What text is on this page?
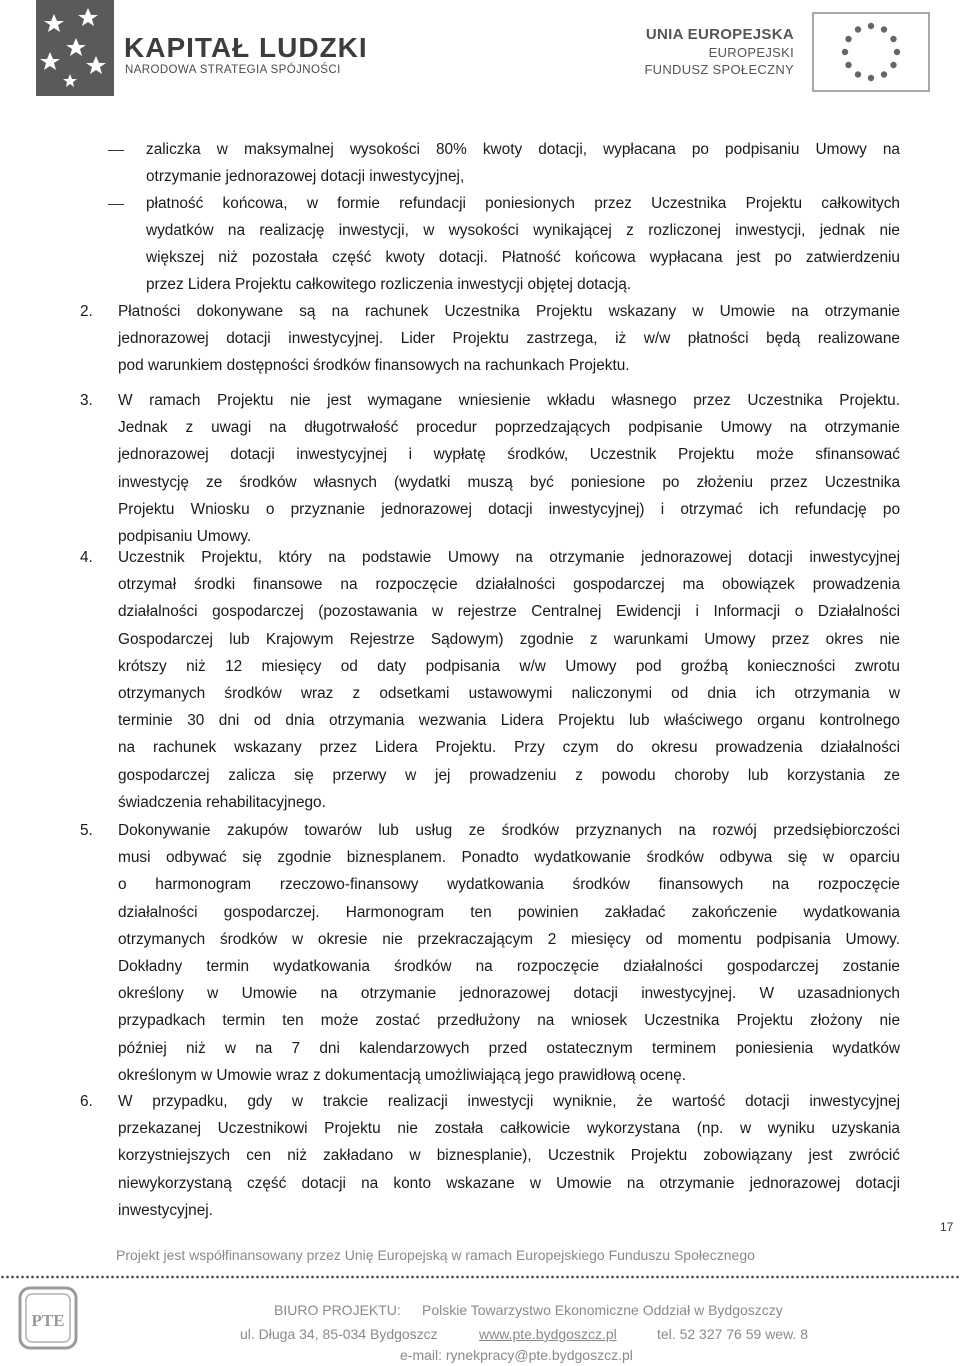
KAPITAŁ LUDZKI
NARODOWA STRATEGIA SPÓJNOŚCI
UNIA EUROPEJSKA
EUROPEJSKI
FUNDUSZ SPOŁECZNY
zaliczka w maksymalnej wysokości 80% kwoty dotacji, wypłacana po podpisaniu Umowy na
otrzymanie jednorazowej dotacji inwestycyjnej,
płatność końcowa, w formie refundacji poniesionych przez Uczestnika Projektu całkowitych
wydatków na realizację inwestycji, w wysokości wynikającej z rozliczonej inwestycji, jednak nie
większej niż pozostała część kwoty dotacji. Płatność końcowa wypłacana jest po zatwierdzeniu
przez Lidera Projektu całkowitego rozliczenia inwestycji objętej dotacją.
2. Płatności dokonywane są na rachunek Uczestnika Projektu wskazany w Umowie na otrzymanie
jednorazowej dotacji inwestycyjnej. Lider Projektu zastrzega, iż w/w płatności będą realizowane
pod warunkiem dostępności środków finansowych na rachunkach Projektu.
3. W ramach Projektu nie jest wymagane wniesienie wkładu własnego przez Uczestnika Projektu.
Jednak z uwagi na długotrwałość procedur poprzedzających podpisanie Umowy na otrzymanie
jednorazowej dotacji inwestycyjnej i wypłatę środków, Uczestnik Projektu może sfinansować
inwestycję ze środków własnych (wydatki muszą być poniesione po złożeniu przez Uczestnika
Projektu Wniosku o przyznanie jednorazowej dotacji inwestycyjnej) i otrzymać ich refundację po
podpisaniu Umowy.
4. Uczestnik Projektu, który na podstawie Umowy na otrzymanie jednorazowej dotacji inwestycyjnej
otrzymał środki finansowe na rozpoczęcie działalności gospodarczej ma obowiązek prowadzenia
działalności gospodarczej (pozostawania w rejestrze Centralnej Ewidencji i Informacji o Działalności
Gospodarczej lub Krajowym Rejestrze Sądowym) zgodnie z warunkami Umowy przez okres nie
krótszy niż 12 miesięcy od daty podpisania w/w Umowy pod groźbą konieczności zwrotu
otrzymanych środków wraz z odsetkami ustawowymi naliczonymi od dnia ich otrzymania w
terminie 30 dni od dnia otrzymania wezwania Lidera Projektu lub właściwego organu kontrolnego
na rachunek wskazany przez Lidera Projektu. Przy czym do okresu prowadzenia działalności
gospodarczej zalicza się przerwy w jej prowadzeniu z powodu choroby lub korzystania ze
świadczenia rehabilitacyjnego.
5. Dokonywanie zakupów towarów lub usług ze środków przyznanych na rozwój przedsiębiorczości
musi odbywać się zgodnie biznesplanem. Ponadto wydatkowanie środków odbywa się w oparciu
o harmonogram rzeczowo-finansowy wydatkowania środków finansowych na rozpoczęcie
działalności gospodarczej. Harmonogram ten powinien zakładać zakończenie wydatkowania
otrzymanych środków w okresie nie przekraczającym 2 miesięcy od momentu podpisania Umowy.
Dokładny termin wydatkowania środków na rozpoczęcie działalności gospodarczej zostanie
określony w Umowie na otrzymanie jednorazowej dotacji inwestycyjnej. W uzasadnionych
przypadkach termin ten może zostać przedłużony na wniosek Uczestnika Projektu złożony nie
później niż w na 7 dni kalendarzowych przed ostatecznym terminem poniesienia wydatków
określonym w Umowie wraz z dokumentacją umożliwiającą jego prawidłową ocenę.
6. W przypadku, gdy w trakcie realizacji inwestycji wyniknie, że wartość dotacji inwestycyjnej
przekazanej Uczestnikowi Projektu nie została całkowicie wykorzystana (np. w wyniku uzyskania
korzystniejszych cen niż zakładano w biznesplanie), Uczestnik Projektu zobowiązany jest zwrócić
niewykorzystaną część dotacji na konto wskazane w Umowie na otrzymanie jednorazowej dotacji
inwestycyjnej.
17
Projekt jest współfinansowany przez Unię Europejską w ramach Europejskiego Funduszu Społecznego
PTE
BIURO PROJEKTU: Polskie Towarzystwo Ekonomiczne Oddział w Bydgoszczy
ul. Długa 34, 85-034 Bydgoszcz	www.pte.bydgoszcz.pl	tel. 52 327 76 59 wew. 8
e-mail: rynekpracy@pte.bydgoszcz.pl
